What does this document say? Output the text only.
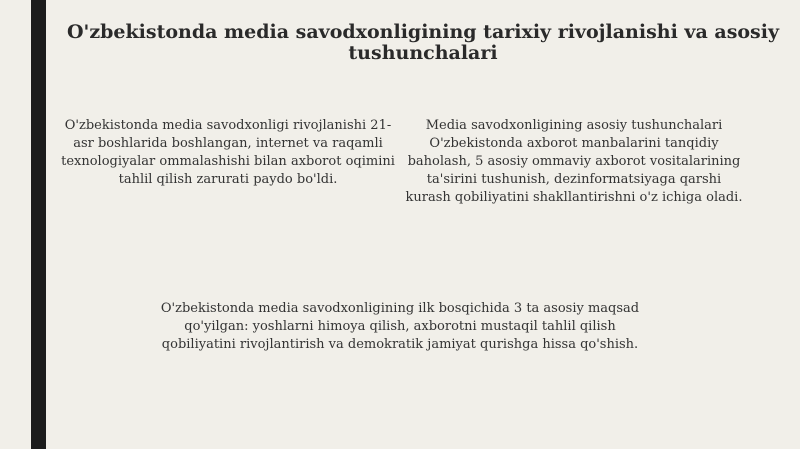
O'zbekistonda media savodxonligining tarixiy rivojlanishi va asosiy tushunchalari

O'zbekistonda media savodxonligi rivojlanishi 21-asr boshlarida boshlangan, internet va raqamli texnologiyalar ommalashishi bilan axborot oqimini tahlil qilish zarurati paydo bo'ldi.

Media savodxonligining asosiy tushunchalari O'zbekistonda axborot manbalarini tanqidiy baholash, 5 asosiy ommaviy axborot vositalarining ta'sirini tushunish, dezinformatsiyaga qarshi kurash qobiliyatini shakllantirishni o'z ichiga oladi.

O'zbekistonda media savodxonligining ilk bosqichida 3 ta asosiy maqsad qo'yilgan: yoshlarni himoya qilish, axborotni mustaqil tahlil qilish qobiliyatini rivojlantirish va demokratik jamiyat qurishga hissa qo'shish.
